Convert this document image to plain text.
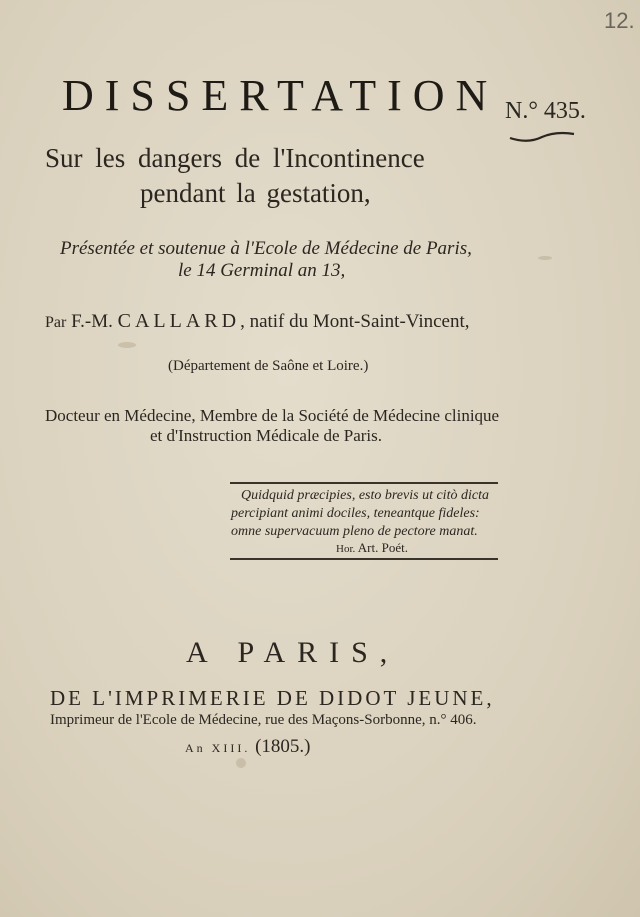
12.
DISSERTATION N.° 435.
Sur les dangers de l'Incontinence
pendant la gestation,
Présentée et soutenue à l'Ecole de Médecine de Paris,
le 14 Germinal an 13,
Par F.-M. CALLARD, natif du Mont-Saint-Vincent,
(Département de Saône et Loire.)
Docteur en Médecine, Membre de la Société de Médecine clinique
et d'Instruction Médicale de Paris.
Quidquid præcipies, esto brevis ut citò dicta
percipiant animi dociles, teneantque fideles:
omne supervacuum pleno de pectore manat.
Hor. Art. Poét.
A PARIS,
DE L'IMPRIMERIE DE DIDOT JEUNE,
Imprimeur de l'Ecole de Médecine, rue des Maçons-Sorbonne, n.° 406.
An XIII. (1805.)
